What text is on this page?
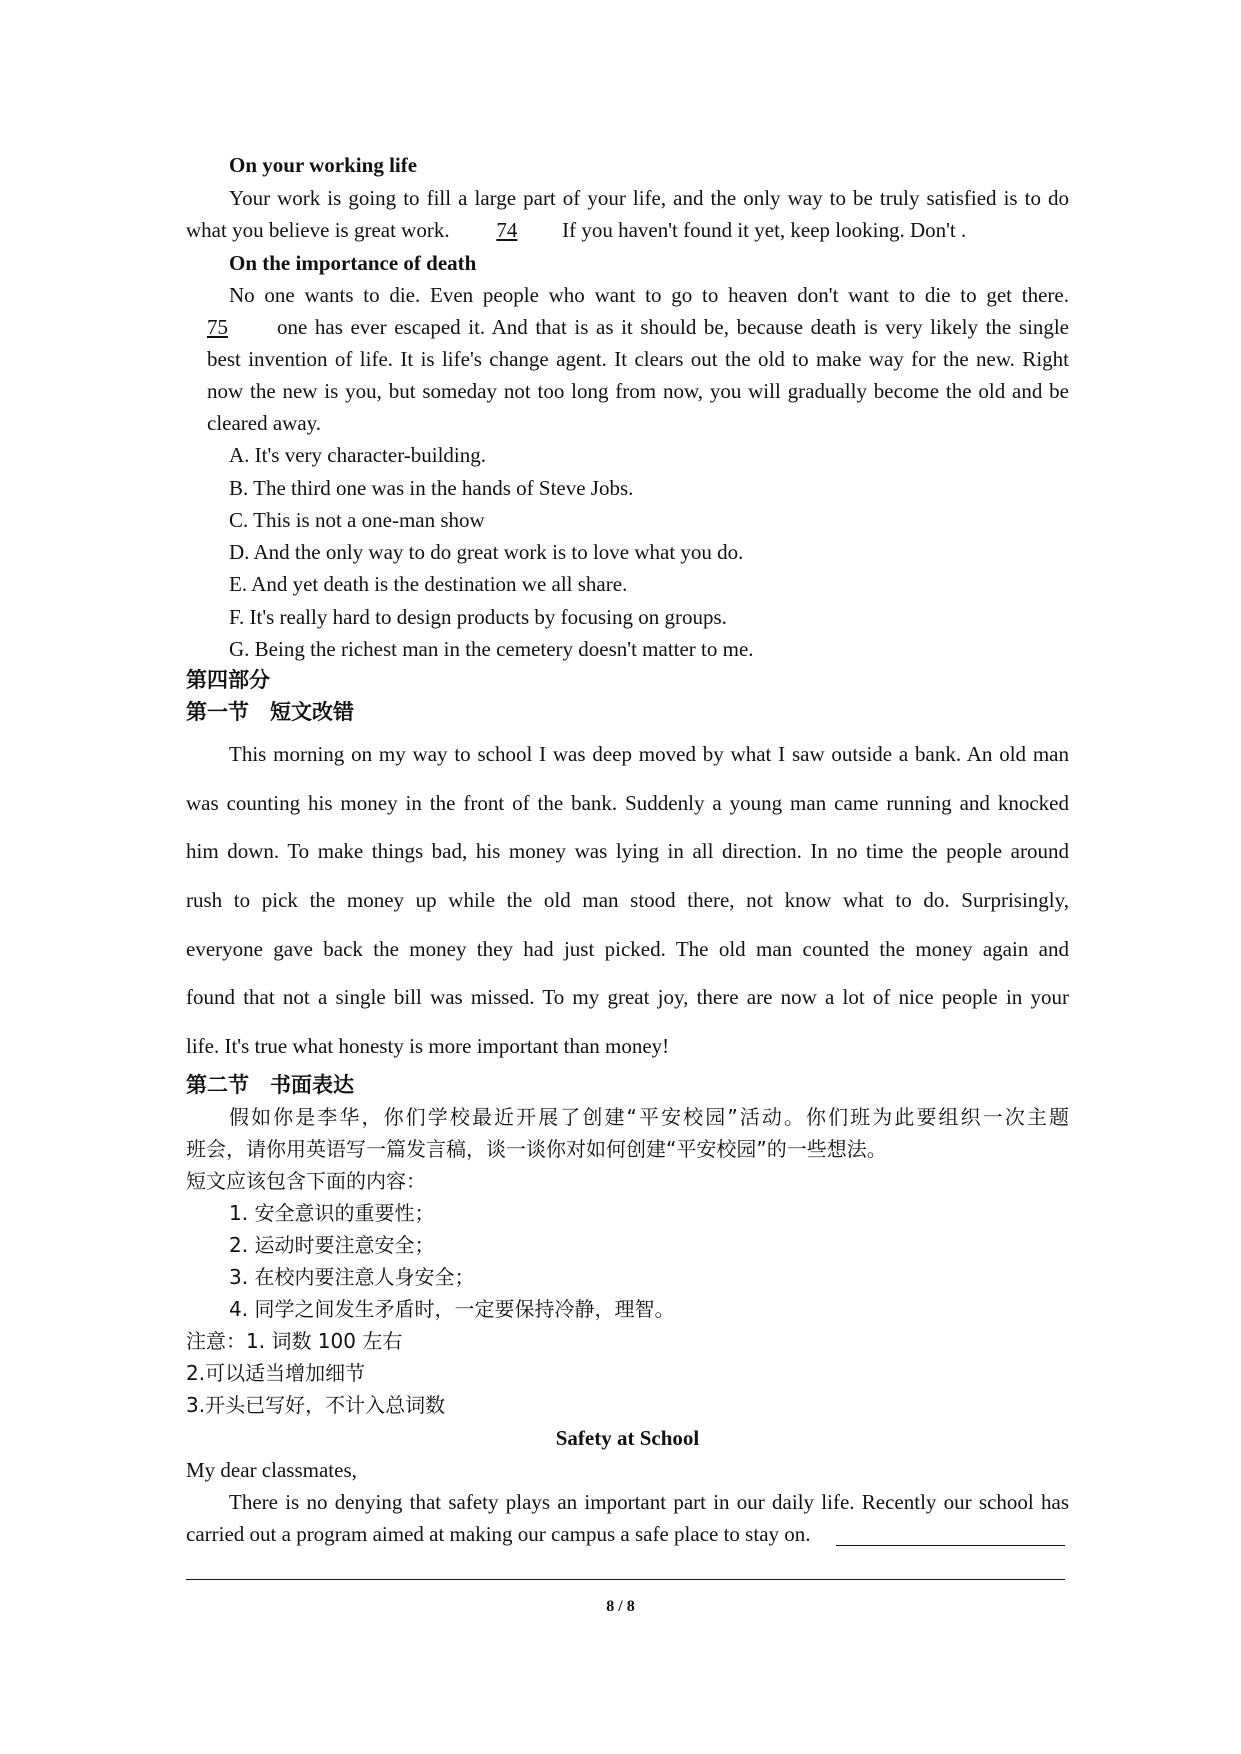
On your working life
Your work is going to fill a large part of your life, and the only way to be truly satisfied is to do
what you believe is great work. 74 If you haven't found it yet, keep looking. Don't .
On the importance of death
No one wants to die. Even people who want to go to heaven don't want to die to get there.
75	one has ever escaped it. And that is as it should be, because death is very likely the single
best invention of life. It is life's change agent. It clears out the old to make way for the new. Right
now the new is you, but someday not too long from now, you will gradually become the old and be
cleared away.
A. It's very character-building.
B. The third one was in the hands of Steve Jobs.
C. This is not a one-man show
D. And the only way to do great work is to love what you do.
E. And yet death is the destination we all share.
F. It's really hard to design products by focusing on groups.
G. Being the richest man in the cemetery doesn't matter to me.
第四部分
第一节　短文改错
This morning on my way to school I was deep moved by what I saw outside a bank. An old man
was counting his money in the front of the bank. Suddenly a young man came running and knocked
him down. To make things bad, his money was lying in all direction. In no time the people around
rush to pick the money up while the old man stood there, not know what to do. Surprisingly,
everyone gave back the money they had just picked. The old man counted the money again and
found that not a single bill was missed. To my great joy, there are now a lot of nice people in your
life. It's true what honesty is more important than money!
第二节　书面表达
假如你是李华，你们学校最近开展了创建“平安校园”活动。你们班为此要组织一次主题
班会，请你用英语写一篇发言稿，谈一谈你对如何创建“平安校园”的一些想法。
短文应该包含下面的内容：
1. 安全意识的重要性；
2. 运动时要注意安全；
3. 在校内要注意人身安全；
4. 同学之间发生矛盾时，一定要保持冷静，理智。
注意：1. 词数 100 左右
2.可以适当增加细节
3.开头已写好，不计入总词数
Safety at School
My dear classmates,
There is no denying that safety plays an important part in our daily life. Recently our school has
carried out a program aimed at making our campus a safe place to stay on.
8 / 8
